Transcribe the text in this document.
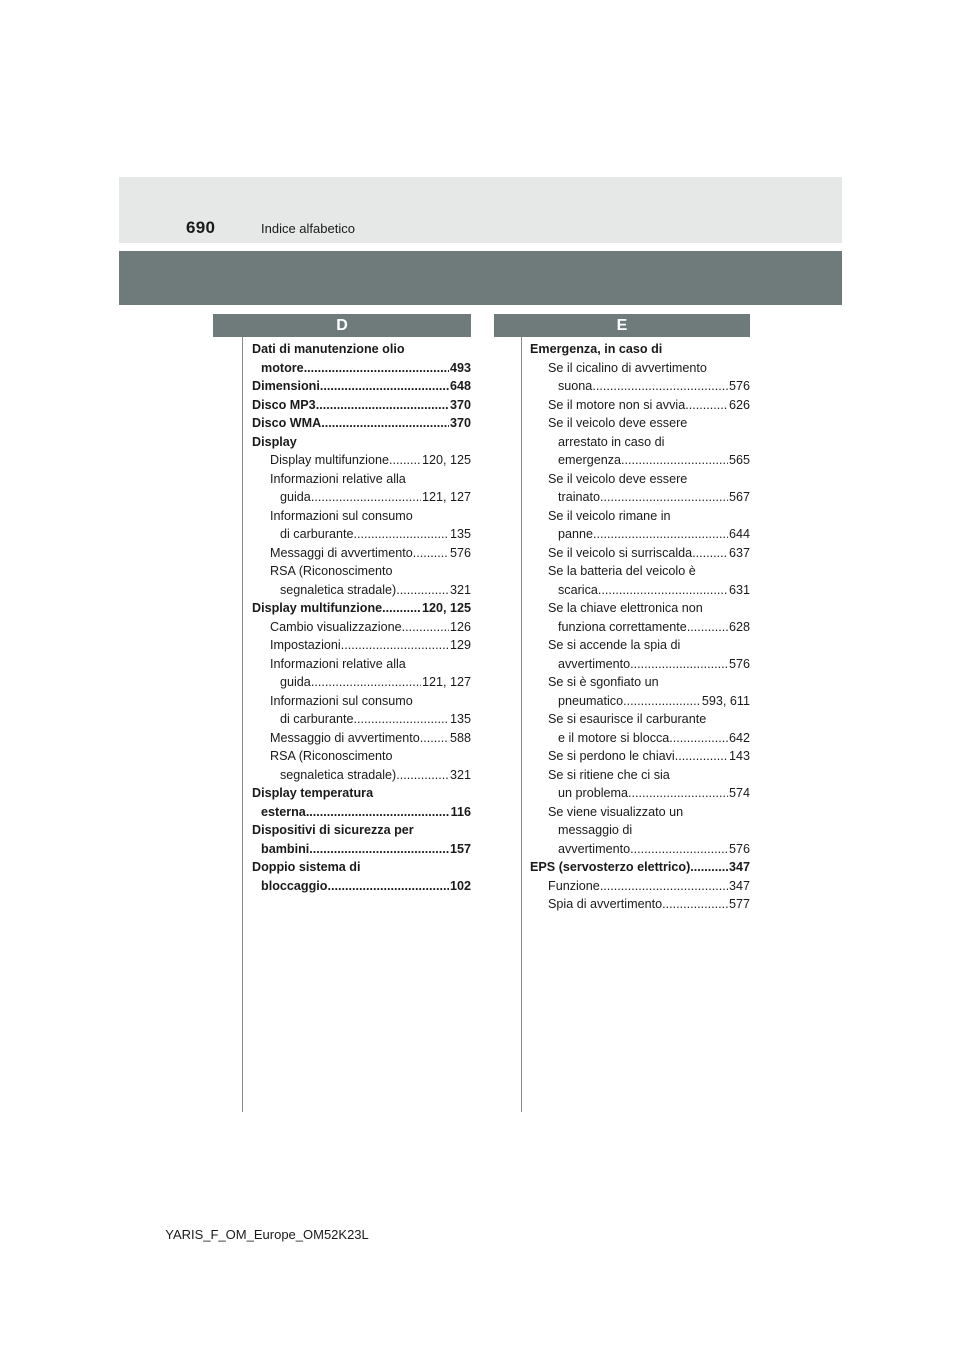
690	Indice alfabetico
D	E
Dati di manutenzione olio
motore .....	493
Dimensioni .....	648
Disco MP3 .....	370
Disco WMA .....	370
Display
Display multifunzione .....	120, 125
Informazioni relative alla
guida .....	121, 127
Informazioni sul consumo
di carburante .....	135
Messaggi di avvertimento .....	576
RSA (Riconoscimento
segnaletica stradale) .....	321
Display multifunzione .....	120, 125
Cambio visualizzazione .....	126
Impostazioni .....	129
Informazioni relative alla
guida .....	121, 127
Informazioni sul consumo
di carburante .....	135
Messaggio di avvertimento ..... 588
RSA (Riconoscimento
segnaletica stradale) .....	321
Display temperatura
esterna .....	116
Dispositivi di sicurezza per
bambini .....	157
Doppio sistema di
bloccaggio .....	102
Emergenza, in caso di
Se il cicalino di avvertimento
suona .....	576
Se il motore non si avvia .....	626
Se il veicolo deve essere
arrestato in caso di
emergenza .....	565
Se il veicolo deve essere
trainato .....	567
Se il veicolo rimane in
panne .....	644
Se il veicolo si surriscalda .....	637
Se la batteria del veicolo è
scarica .....	631
Se la chiave elettronica non
funziona correttamente .....	628
Se si accende la spia di
avvertimento .....	576
Se si è sgonfiato un
pneumatico .....	593, 611
Se si esaurisce il carburante
e il motore si blocca .....	642
Se si perdono le chiavi .....	143
Se si ritiene che ci sia
un problema .....	574
Se viene visualizzato un
messaggio di
avvertimento .....	576
EPS (servosterzo elettrico) .....	347
Funzione .....	347
Spia di avvertimento .....	577
YARIS_F_OM_Europe_OM52K23L
